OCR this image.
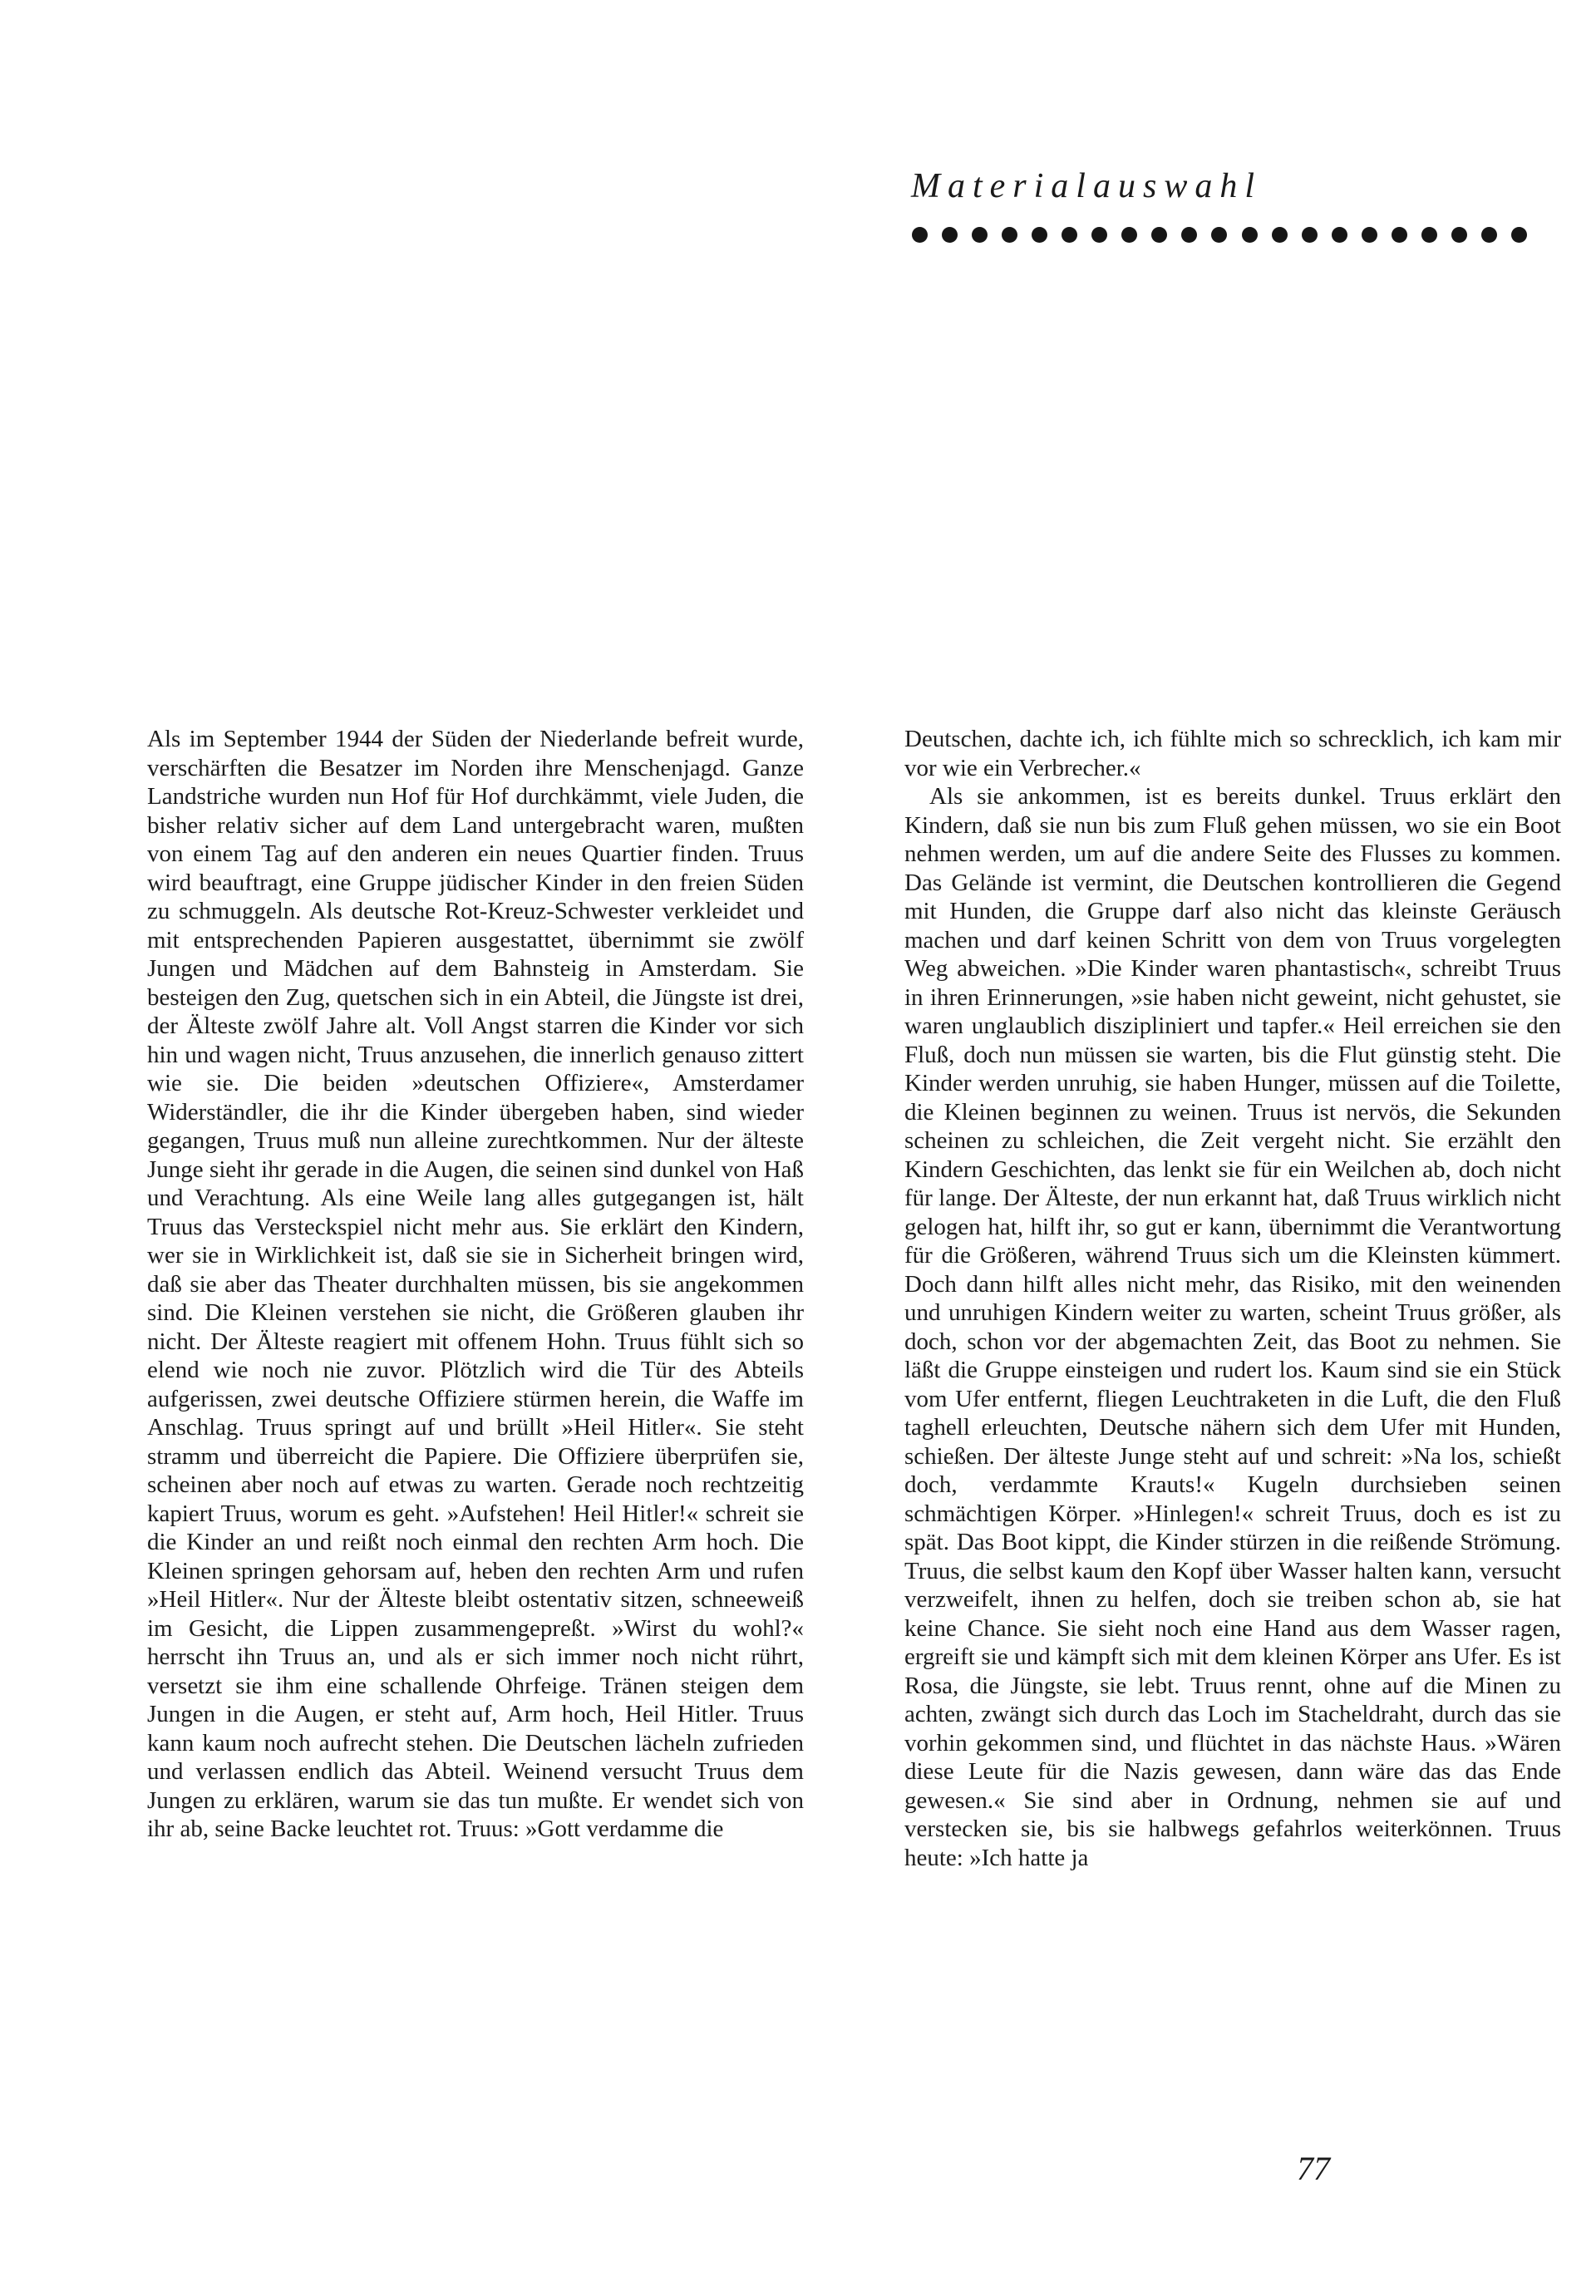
Materialauswahl

Als im September 1944 der Süden der Niederlande befreit wurde, verschärften die Besatzer im Norden ihre Menschenjagd. Ganze Landstriche wurden nun Hof für Hof durchkämmt, viele Juden, die bisher relativ sicher auf dem Land untergebracht waren, mußten von einem Tag auf den anderen ein neues Quartier finden. Truus wird beauftragt, eine Gruppe jüdischer Kinder in den freien Süden zu schmuggeln. Als deutsche Rot-Kreuz-Schwester verkleidet und mit entsprechenden Papieren ausgestattet, übernimmt sie zwölf Jungen und Mädchen auf dem Bahnsteig in Amsterdam. Sie besteigen den Zug, quetschen sich in ein Abteil, die Jüngste ist drei, der Älteste zwölf Jahre alt. Voll Angst starren die Kinder vor sich hin und wagen nicht, Truus anzusehen, die innerlich genauso zittert wie sie. Die beiden »deutschen Offiziere«, Amsterdamer Widerständler, die ihr die Kinder übergeben haben, sind wieder gegangen, Truus muß nun alleine zurechtkommen. Nur der älteste Junge sieht ihr gerade in die Augen, die seinen sind dunkel von Haß und Verachtung. Als eine Weile lang alles gutgegangen ist, hält Truus das Versteckspiel nicht mehr aus. Sie erklärt den Kindern, wer sie in Wirklichkeit ist, daß sie sie in Sicherheit bringen wird, daß sie aber das Theater durchhalten müssen, bis sie angekommen sind. Die Kleinen verstehen sie nicht, die Größeren glauben ihr nicht. Der Älteste reagiert mit offenem Hohn. Truus fühlt sich so elend wie noch nie zuvor. Plötzlich wird die Tür des Abteils aufgerissen, zwei deutsche Offiziere stürmen herein, die Waffe im Anschlag. Truus springt auf und brüllt »Heil Hitler«. Sie steht stramm und überreicht die Papiere. Die Offiziere überprüfen sie, scheinen aber noch auf etwas zu warten. Gerade noch rechtzeitig kapiert Truus, worum es geht. »Aufstehen! Heil Hitler!« schreit sie die Kinder an und reißt noch einmal den rechten Arm hoch. Die Kleinen springen gehorsam auf, heben den rechten Arm und rufen »Heil Hitler«. Nur der Älteste bleibt ostentativ sitzen, schneeweiß im Gesicht, die Lippen zusammengepreßt. »Wirst du wohl?« herrscht ihn Truus an, und als er sich immer noch nicht rührt, versetzt sie ihm eine schallende Ohrfeige. Tränen steigen dem Jungen in die Augen, er steht auf, Arm hoch, Heil Hitler. Truus kann kaum noch aufrecht stehen. Die Deutschen lächeln zufrieden und verlassen endlich das Abteil. Weinend versucht Truus dem Jungen zu erklären, warum sie das tun mußte. Er wendet sich von ihr ab, seine Backe leuchtet rot. Truus: »Gott verdamme die

Deutschen, dachte ich, ich fühlte mich so schrecklich, ich kam mir vor wie ein Verbrecher.«

Als sie ankommen, ist es bereits dunkel. Truus erklärt den Kindern, daß sie nun bis zum Fluß gehen müssen, wo sie ein Boot nehmen werden, um auf die andere Seite des Flusses zu kommen. Das Gelände ist vermint, die Deutschen kontrollieren die Gegend mit Hunden, die Gruppe darf also nicht das kleinste Geräusch machen und darf keinen Schritt von dem von Truus vorgelegten Weg abweichen. »Die Kinder waren phantastisch«, schreibt Truus in ihren Erinnerungen, »sie haben nicht geweint, nicht gehustet, sie waren unglaublich diszipliniert und tapfer.« Heil erreichen sie den Fluß, doch nun müssen sie warten, bis die Flut günstig steht. Die Kinder werden unruhig, sie haben Hunger, müssen auf die Toilette, die Kleinen beginnen zu weinen. Truus ist nervös, die Sekunden scheinen zu schleichen, die Zeit vergeht nicht. Sie erzählt den Kindern Geschichten, das lenkt sie für ein Weilchen ab, doch nicht für lange. Der Älteste, der nun erkannt hat, daß Truus wirklich nicht gelogen hat, hilft ihr, so gut er kann, übernimmt die Verantwortung für die Größeren, während Truus sich um die Kleinsten kümmert. Doch dann hilft alles nicht mehr, das Risiko, mit den weinenden und unruhigen Kindern weiter zu warten, scheint Truus größer, als doch, schon vor der abgemachten Zeit, das Boot zu nehmen. Sie läßt die Gruppe einsteigen und rudert los. Kaum sind sie ein Stück vom Ufer entfernt, fliegen Leuchtraketen in die Luft, die den Fluß taghell erleuchten, Deutsche nähern sich dem Ufer mit Hunden, schießen. Der älteste Junge steht auf und schreit: »Na los, schießt doch, verdammte Krauts!« Kugeln durchsieben seinen schmächtigen Körper. »Hinlegen!« schreit Truus, doch es ist zu spät. Das Boot kippt, die Kinder stürzen in die reißende Strömung. Truus, die selbst kaum den Kopf über Wasser halten kann, versucht verzweifelt, ihnen zu helfen, doch sie treiben schon ab, sie hat keine Chance. Sie sieht noch eine Hand aus dem Wasser ragen, ergreift sie und kämpft sich mit dem kleinen Körper ans Ufer. Es ist Rosa, die Jüngste, sie lebt. Truus rennt, ohne auf die Minen zu achten, zwängt sich durch das Loch im Stacheldraht, durch das sie vorhin gekommen sind, und flüchtet in das nächste Haus. »Wären diese Leute für die Nazis gewesen, dann wäre das das Ende gewesen.« Sie sind aber in Ordnung, nehmen sie auf und verstecken sie, bis sie halbwegs gefahrlos weiterkönnen. Truus heute: »Ich hatte ja

77
